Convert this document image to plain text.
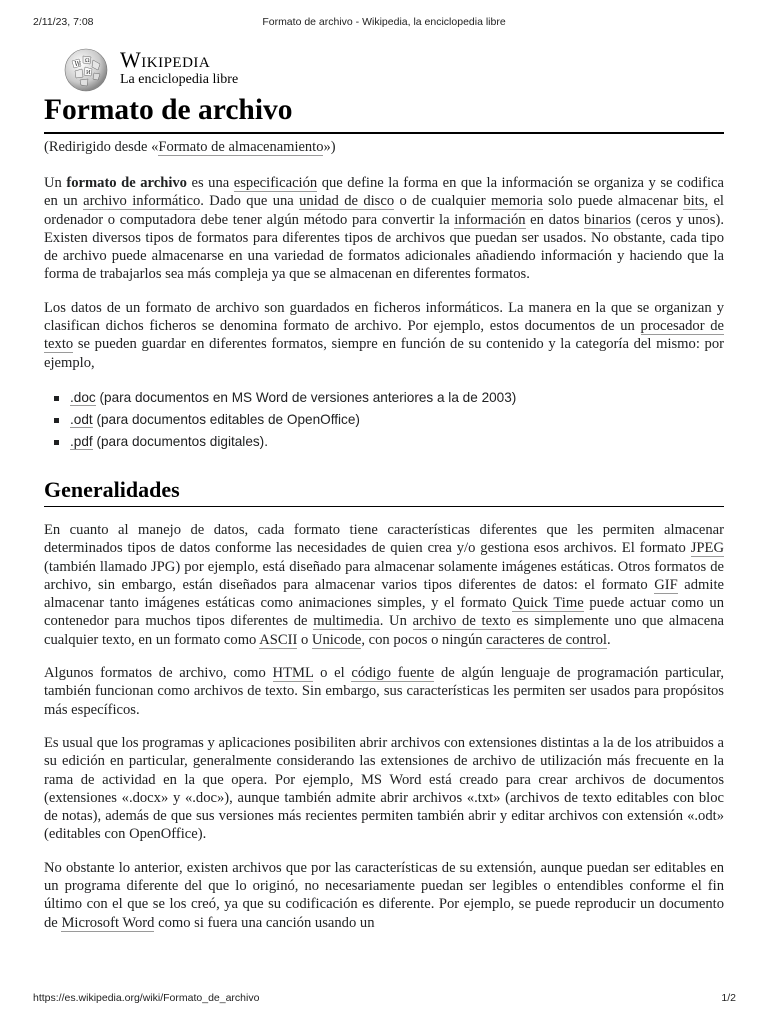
2/11/23, 7:08	Formato de archivo - Wikipedia, la enciclopedia libre
W Ω
И
Wikipedia
La enciclopedia libre
Formato de archivo
(Redirigido desde «Formato de almacenamiento»)

Un formato de archivo es una especificación que define la forma en que la información se organiza y se codifica en un archivo informático. Dado que una unidad de disco o de cualquier memoria solo puede almacenar bits, el ordenador o computadora debe tener algún método para convertir la información en datos binarios (ceros y unos). Existen diversos tipos de formatos para diferentes tipos de archivos que puedan ser usados. No obstante, cada tipo de archivo puede almacenarse en una variedad de formatos adicionales añadiendo información y haciendo que la forma de trabajarlos sea más compleja ya que se almacenan en diferentes formatos.

Los datos de un formato de archivo son guardados en ficheros informáticos. La manera en la que se organizan y clasifican dichos ficheros se denomina formato de archivo. Por ejemplo, estos documentos de un procesador de texto se pueden guardar en diferentes formatos, siempre en función de su contenido y la categoría del mismo: por ejemplo,

.doc (para documentos en MS Word de versiones anteriores a la de 2003)
.odt (para documentos editables de OpenOffice)
.pdf (para documentos digitales).
Generalidades

En cuanto al manejo de datos, cada formato tiene características diferentes que les permiten almacenar determinados tipos de datos conforme las necesidades de quien crea y/o gestiona esos archivos. El formato JPEG (también llamado JPG) por ejemplo, está diseñado para almacenar solamente imágenes estáticas. Otros formatos de archivo, sin embargo, están diseñados para almacenar varios tipos diferentes de datos: el formato GIF admite almacenar tanto imágenes estáticas como animaciones simples, y el formato Quick Time puede actuar como un contenedor para muchos tipos diferentes de multimedia. Un archivo de texto es simplemente uno que almacena cualquier texto, en un formato como ASCII o Unicode, con pocos o ningún caracteres de control.

Algunos formatos de archivo, como HTML o el código fuente de algún lenguaje de programación particular, también funcionan como archivos de texto. Sin embargo, sus características les permiten ser usados para propósitos más específicos.

Es usual que los programas y aplicaciones posibiliten abrir archivos con extensiones distintas a la de los atribuidos a su edición en particular, generalmente considerando las extensiones de archivo de utilización más frecuente en la rama de actividad en la que opera. Por ejemplo, MS Word está creado para crear archivos de documentos (extensiones «.docx» y «.doc»), aunque también admite abrir archivos «.txt» (archivos de texto editables con bloc de notas), además de que sus versiones más recientes permiten también abrir y editar archivos con extensión «.odt» (editables con OpenOffice).

No obstante lo anterior, existen archivos que por las características de su extensión, aunque puedan ser editables en un programa diferente del que lo originó, no necesariamente puedan ser legibles o entendibles conforme el fin último con el que se los creó, ya que su codificación es diferente. Por ejemplo, se puede reproducir un documento de Microsoft Word como si fuera una canción usando un

https://es.wikipedia.org/wiki/Formato_de_archivo	1/2
